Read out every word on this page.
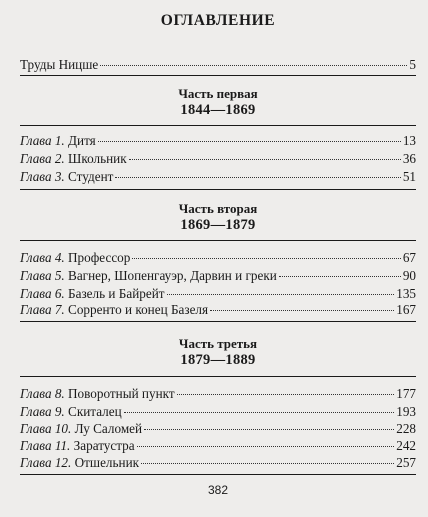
ОГЛАВЛЕНИЕ
Труды Ницше	5
Часть первая
1844—1869
Глава 1. Дитя	13
Глава 2. Школьник	36
Глава 3. Студент	51
Часть вторая
1869—1879
Глава 4. Профессор	67
Глава 5. Вагнер, Шопенгауэр, Дарвин и греки	90
Глава 6. Базель и Байрейт	135
Глава 7. Сорренто и конец Базеля	167
Часть третья
1879—1889
Глава 8. Поворотный пункт	177
Глава 9. Скиталец	193
Глава 10. Лу Саломей	228
Глава 11. Заратустра	242
Глава 12. Отшельник	257
382
